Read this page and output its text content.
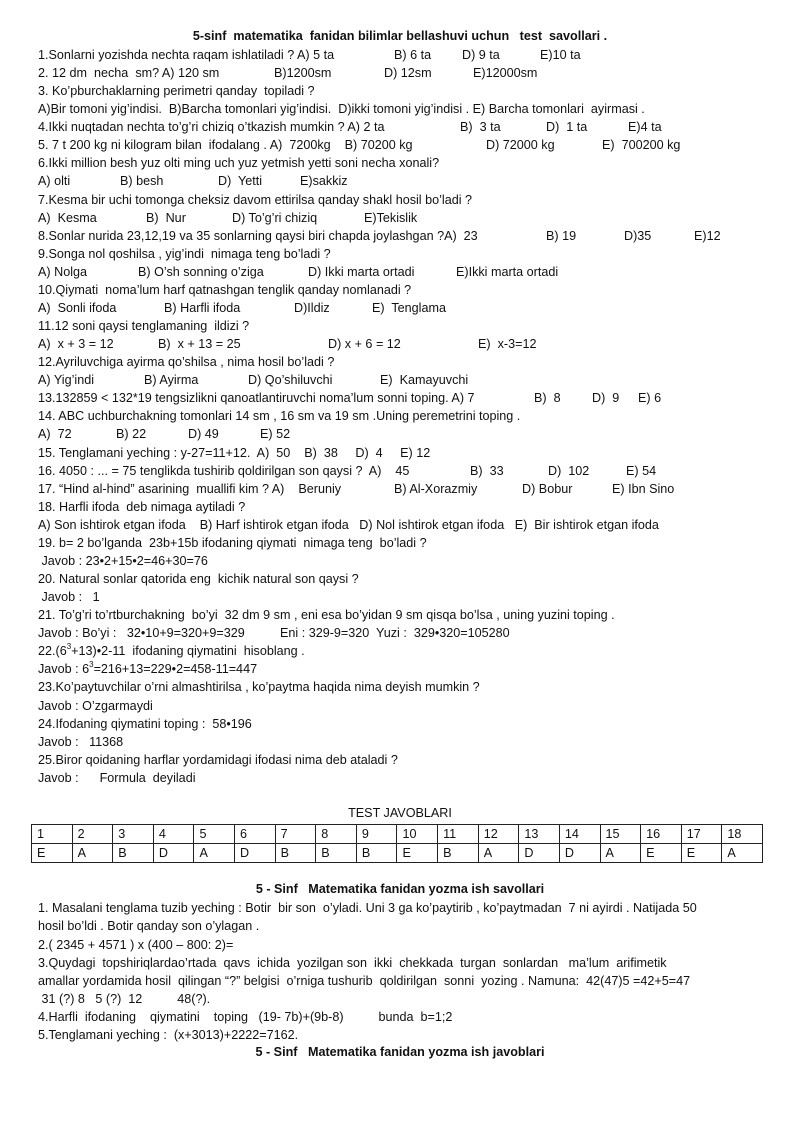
5-sinf  matematika  fanidan bilimlar bellashuvi uchun   test  savollari .
1.Sonlarni yozishda nechta raqam ishlatiladi ? A) 5 ta	B) 6 ta D) 9 ta	E)10 ta
2. 12 dm  necha  sm? A) 120 sm	B)1200sm	D) 12sm	E)12000sm
3. Ko’pburchaklarning perimetri qanday  topiladi ?
A)Bir tomoni yig’indisi.  B)Barcha tomonlari yig’indisi.  D)ikki tomoni yig’indisi . E) Barcha tomonlari  ayirmasi .
4.Ikki nuqtadan nechta to’g’ri chiziq o’tkazish mumkin ? A) 2 ta	B)  3 ta	D)  1 ta	E)4 ta
5. 7 t 200 kg ni kilogram bilan  ifodalang . A)  7200kg    B) 70200 kg	D) 72000 kg	E)  700200 kg
6.Ikki million besh yuz olti ming uch yuz yetmish yetti soni necha xonali?
A) olti	B) besh	D)  Yetti	E)sakkiz
7.Kesma bir uchi tomonga cheksiz davom ettirilsa qanday shakl hosil bo’ladi ?
A)  Kesma	B)  Nur	D) To’g’ri chiziq	E)Tekislik
8.Sonlar nurida 23,12,19 va 35 sonlarning qaysi biri chapda joylashgan ?A)  23	B) 19	D)35	E)12
9.Songa nol qoshilsa , yig’indi  nimaga teng bo’ladi ?
A) Nolga	B) O’sh sonning o’ziga	D) Ikki marta ortadi	E)Ikki marta ortadi
10.Qiymati  noma’lum harf qatnashgan tenglik qanday nomlanadi ?
A)  Sonli ifoda	B) Harfli ifoda	D)Ildiz	E)  Tenglama
11.12 soni qaysi tenglamaning  ildizi ?
A)  x + 3 = 12	B)  x + 13 = 25	D) x + 6 = 12	E)  x-3=12
12.Ayriluvchiga ayirma qo’shilsa , nima hosil bo’ladi ?
A) Yig’indi	B) Ayirma	D) Qo’shiluvchi	E)  Kamayuvchi
13.132859 < 132*19 tengsizlikni qanoatlantiruvchi noma’lum sonni toping. A) 7	B)  8 D)  9 E) 6
14. ABC uchburchakning tomonlari 14 sm , 16 sm va 19 sm .Uning peremetrini toping .
A)  72	B) 22	D) 49	E) 52
15. Tenglamani yeching : y-27=11+12.  A)  50    B)  38     D)  4     E) 12
16. 4050 : ... = 75 tenglikda tushirib qoldirilgan son qaysi ?  A)    45	B)  33	D)  102	E) 54
17. “Hind al-hind” asarining  muallifi kim ? A)    Beruniy	B) Al-Xorazmiy	D) Bobur	E) Ibn Sino
18. Harfli ifoda  deb nimaga aytiladi ?
A) Son ishtirok etgan ifoda    B) Harf ishtirok etgan ifoda   D) Nol ishtirok etgan ifoda   E)  Bir ishtirok etgan ifoda
19. b= 2 bo’lganda  23b+15b ifodaning qiymati  nimaga teng  bo’ladi ?
Javob : 23•2+15•2=46+30=76
20. Natural sonlar qatorida eng  kichik natural son qaysi ?
Javob :   1
21. To’g’ri to’rtburchakning  bo’yi  32 dm 9 sm , eni esa bo’yidan 9 sm qisqa bo’lsa , uning yuzini toping .
Javob : Bo’yi :   32•10+9=320+9=329	Eni : 329-9=320  Yuzi :  329•320=105280
$22.(6^3+13)•2-11$  ifodaning qiymatini  hisoblang .
Javob : $6^3=216+13=229•2=458-11=447$
23.Ko’paytuvchilar o’rni almashtirilsa , ko’paytma haqida nima deyish mumkin ?
Javob : O’zgarmaydi
24.Ifodaning qiymatini toping :  58•196
Javob :   11368
25.Biror qoidaning harflar yordamidagi ifodasi nima deb ataladi ?
Javob :      Formula  deyiladi
TEST JAVOBLARI
1	2	3	4	5	6	7	8	9	10	11	12	13	14	15	16	17	18
E	A	B	D	A	D	B	B	B	E	B	A	D	D	A	E	E	A
5 - Sinf   Matematika fanidan yozma ish savollari
1. Masalani tenglama tuzib yeching : Botir  bir son  o’yladi. Uni 3 ga ko’paytirib , ko’paytmadan  7 ni ayirdi . Natijada 50
hosil bo’ldi . Botir qanday son o’ylagan .
2.( 2345 + 4571 ) x (400 – 800: 2)=
3.Quydagi  topshiriqlardao’rtada  qavs  ichida  yozilgan son  ikki  chekkada  turgan  sonlardan   ma’lum  arifimetik
amallar yordamida hosil  qilingan “?” belgisi  o’rniga tushurib  qoldirilgan  sonni  yozing . Namuna:  42(47)5 =42+5=47
31 (?) 8   5 (?)  12          48(?).
4.Harfli  ifodaning    qiymatini    toping   (19- 7b)+(9b-8)          bunda  b=1;2
5.Tenglamani yeching :  (x+3013)+2222=7162.
5 - Sinf   Matematika fanidan yozma ish javoblari
